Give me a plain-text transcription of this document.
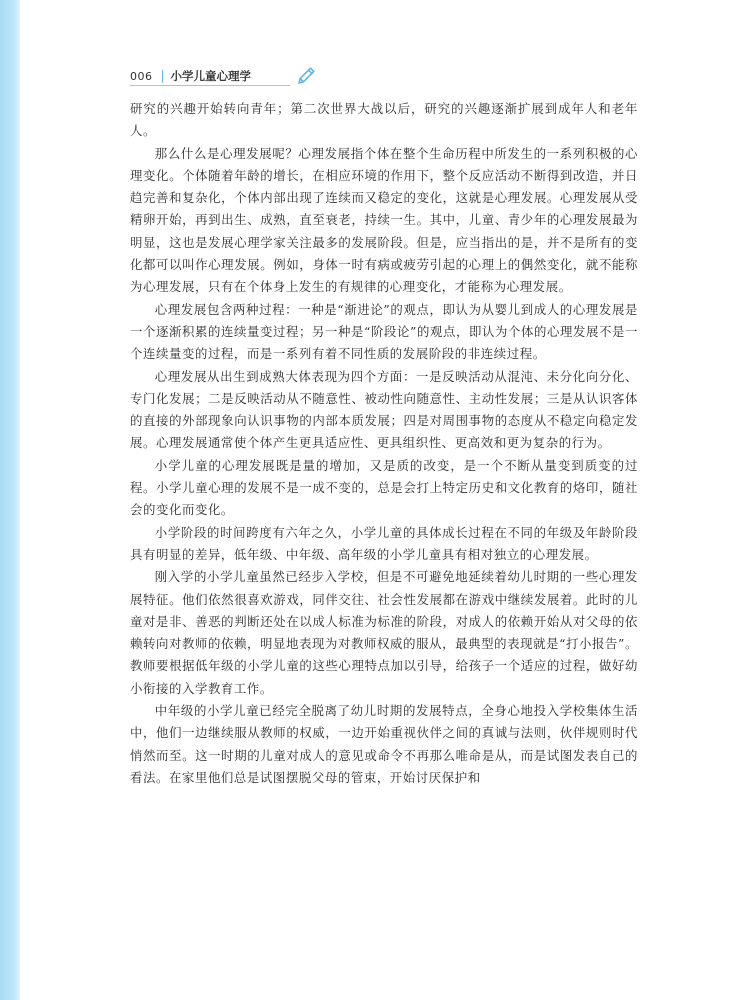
006 小学儿童心理学

研究的兴趣开始转向青年；第二次世界大战以后，研究的兴趣逐渐扩展到成年人和老年人。

那么什么是心理发展呢？心理发展指个体在整个生命历程中所发生的一系列积极的心理变化。个体随着年龄的增长，在相应环境的作用下，整个反应活动不断得到改造，并日趋完善和复杂化，个体内部出现了连续而又稳定的变化，这就是心理发展。心理发展从受精卵开始，再到出生、成熟，直至衰老，持续一生。其中，儿童、青少年的心理发展最为明显，这也是发展心理学家关注最多的发展阶段。但是，应当指出的是，并不是所有的变化都可以叫作心理发展。例如，身体一时有病或疲劳引起的心理上的偶然变化，就不能称为心理发展，只有在个体身上发生的有规律的心理变化，才能称为心理发展。

心理发展包含两种过程：一种是“渐进论”的观点，即认为从婴儿到成人的心理发展是一个逐渐积累的连续量变过程；另一种是“阶段论”的观点，即认为个体的心理发展不是一个连续量变的过程，而是一系列有着不同性质的发展阶段的非连续过程。

心理发展从出生到成熟大体表现为四个方面：一是反映活动从混沌、未分化向分化、专门化发展；二是反映活动从不随意性、被动性向随意性、主动性发展；三是从认识客体的直接的外部现象向认识事物的内部本质发展；四是对周围事物的态度从不稳定向稳定发展。心理发展通常使个体产生更具适应性、更具组织性、更高效和更为复杂的行为。

小学儿童的心理发展既是量的增加，又是质的改变，是一个不断从量变到质变的过程。小学儿童心理的发展不是一成不变的，总是会打上特定历史和文化教育的烙印，随社会的变化而变化。

小学阶段的时间跨度有六年之久，小学儿童的具体成长过程在不同的年级及年龄阶段具有明显的差异，低年级、中年级、高年级的小学儿童具有相对独立的心理发展。

刚入学的小学儿童虽然已经步入学校，但是不可避免地延续着幼儿时期的一些心理发展特征。他们依然很喜欢游戏，同伴交往、社会性发展都在游戏中继续发展着。此时的儿童对是非、善恶的判断还处在以成人标准为标准的阶段，对成人的依赖开始从对父母的依赖转向对教师的依赖，明显地表现为对教师权威的服从，最典型的表现就是“打小报告”。教师要根据低年级的小学儿童的这些心理特点加以引导，给孩子一个适应的过程，做好幼小衔接的入学教育工作。

中年级的小学儿童已经完全脱离了幼儿时期的发展特点，全身心地投入学校集体生活中，他们一边继续服从教师的权威，一边开始重视伙伴之间的真诚与法则，伙伴规则时代悄然而至。这一时期的儿童对成人的意见或命令不再那么唯命是从，而是试图发表自己的看法。在家里他们总是试图摆脱父母的管束，开始讨厌保护和
